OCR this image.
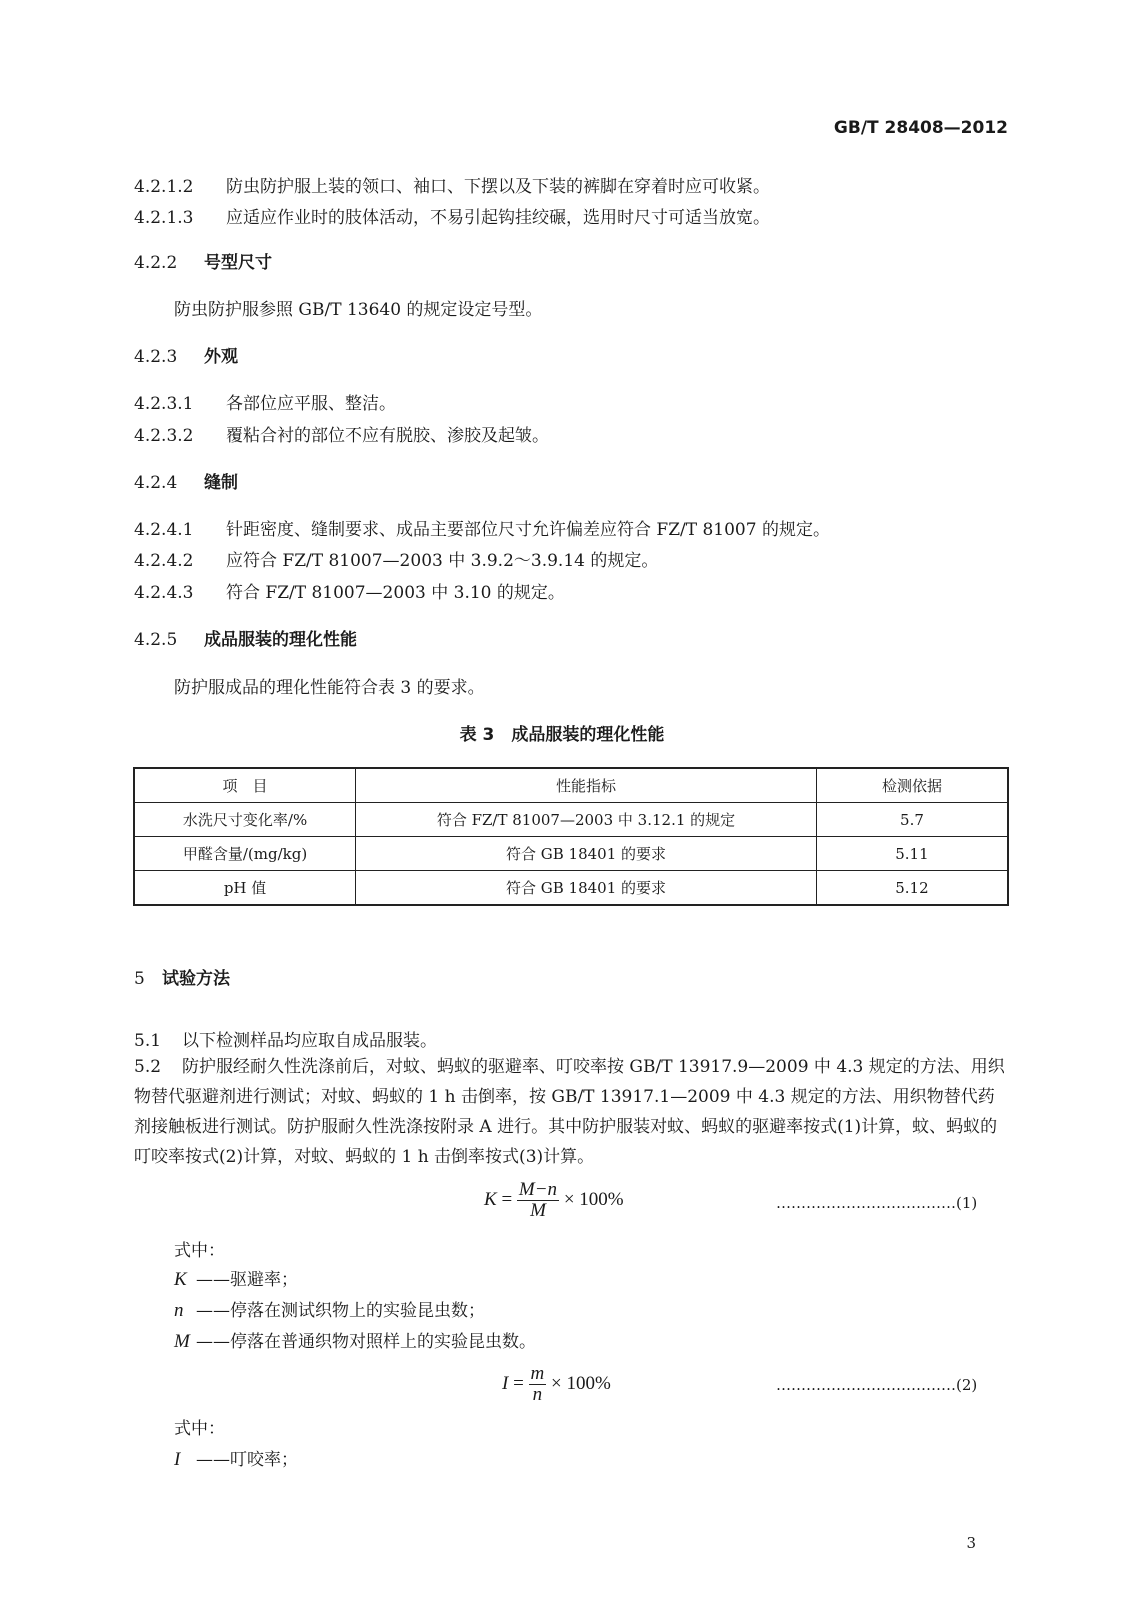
GB/T 28408—2012
4.2.1.2 防虫防护服上装的领口、袖口、下摆以及下装的裤脚在穿着时应可收紧。
4.2.1.3 应适应作业时的肢体活动，不易引起钩挂绞碾，选用时尺寸可适当放宽。
4.2.2 号型尺寸
防虫防护服参照 GB/T 13640 的规定设定号型。
4.2.3 外观
4.2.3.1 各部位应平服、整洁。
4.2.3.2 覆粘合衬的部位不应有脱胶、渗胶及起皱。
4.2.4 缝制
4.2.4.1 针距密度、缝制要求、成品主要部位尺寸允许偏差应符合 FZ/T 81007 的规定。
4.2.4.2 应符合 FZ/T 81007—2003 中 3.9.2～3.9.14 的规定。
4.2.4.3 符合 FZ/T 81007—2003 中 3.10 的规定。
4.2.5 成品服装的理化性能
防护服成品的理化性能符合表 3 的要求。
表 3　成品服装的理化性能
项　目	性能指标	检测依据
水洗尺寸变化率/%	符合 FZ/T 81007—2003 中 3.12.1 的规定	5.7
甲醛含量/(mg/kg)	符合 GB 18401 的要求	5.11
pH 值	符合 GB 18401 的要求	5.12
5 试验方法
5.1 以下检测样品均应取自成品服装。
5.2 防护服经耐久性洗涤前后，对蚊、蚂蚁的驱避率、叮咬率按 GB/T 13917.9—2009 中 4.3 规定的方法、用织物替代驱避剂进行测试；对蚊、蚂蚁的 1 h 击倒率，按 GB/T 13917.1—2009 中 4.3 规定的方法、用织物替代药剂接触板进行测试。防护服耐久性洗涤按附录 A 进行。其中防护服装对蚊、蚂蚁的驱避率按式(1)计算，蚊、蚂蚁的叮咬率按式(2)计算，对蚊、蚂蚁的 1 h 击倒率按式(3)计算。
$K = \frac{M-n}{M} \times 100\%$	………………………………(1)
式中：
K ——驱避率；
n ——停落在测试织物上的实验昆虫数；
M ——停落在普通织物对照样上的实验昆虫数。
$I = \frac{m}{n} \times 100\%$	………………………………(2)
式中：
I ——叮咬率；
3
